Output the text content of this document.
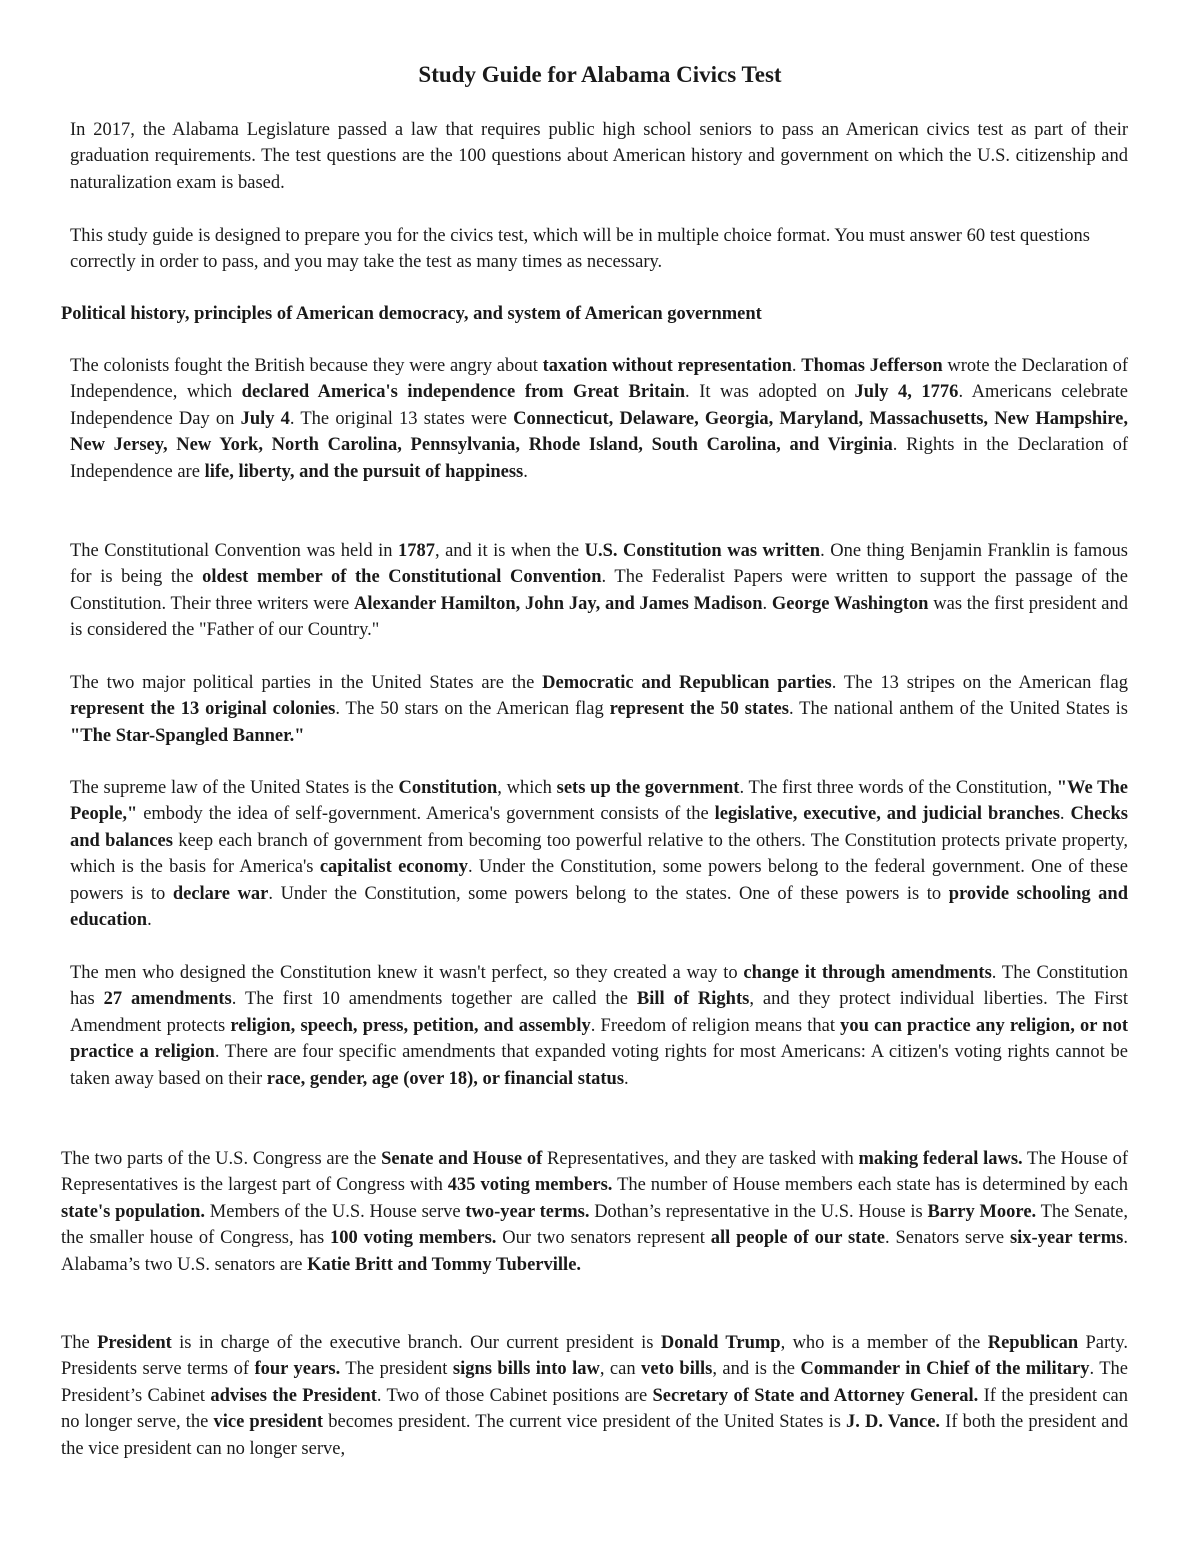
Study Guide for Alabama Civics Test

In 2017, the Alabama Legislature passed a law that requires public high school seniors to pass an American civics test as part of their graduation requirements. The test questions are the 100 questions about American history and government on which the U.S. citizenship and naturalization exam is based.

This study guide is designed to prepare you for the civics test, which will be in multiple choice format. You must answer 60 test questions correctly in order to pass, and you may take the test as many times as necessary.

Political history, principles of American democracy, and system of American government

The colonists fought the British because they were angry about taxation without representation. Thomas Jefferson wrote the Declaration of Independence, which declared America's independence from Great Britain. It was adopted on July 4, 1776. Americans celebrate Independence Day on July 4. The original 13 states were Connecticut, Delaware, Georgia, Maryland, Massachusetts, New Hampshire, New Jersey, New York, North Carolina, Pennsylvania, Rhode Island, South Carolina, and Virginia. Rights in the Declaration of Independence are life, liberty, and the pursuit of happiness.

The Constitutional Convention was held in 1787, and it is when the U.S. Constitution was written. One thing Benjamin Franklin is famous for is being the oldest member of the Constitutional Convention. The Federalist Papers were written to support the passage of the Constitution. Their three writers were Alexander Hamilton, John Jay, and James Madison. George Washington was the first president and is considered the "Father of our Country."

The two major political parties in the United States are the Democratic and Republican parties. The 13 stripes on the American flag represent the 13 original colonies. The 50 stars on the American flag represent the 50 states. The national anthem of the United States is "The Star-Spangled Banner."

The supreme law of the United States is the Constitution, which sets up the government. The first three words of the Constitution, "We The People," embody the idea of self-government. America's government consists of the legislative, executive, and judicial branches. Checks and balances keep each branch of government from becoming too powerful relative to the others. The Constitution protects private property, which is the basis for America's capitalist economy. Under the Constitution, some powers belong to the federal government. One of these powers is to declare war. Under the Constitution, some powers belong to the states. One of these powers is to provide schooling and education.

The men who designed the Constitution knew it wasn't perfect, so they created a way to change it through amendments. The Constitution has 27 amendments. The first 10 amendments together are called the Bill of Rights, and they protect individual liberties. The First Amendment protects religion, speech, press, petition, and assembly. Freedom of religion means that you can practice any religion, or not practice a religion. There are four specific amendments that expanded voting rights for most Americans: A citizen's voting rights cannot be taken away based on their race, gender, age (over 18), or financial status.

The two parts of the U.S. Congress are the Senate and House of Representatives, and they are tasked with making federal laws. The House of Representatives is the largest part of Congress with 435 voting members. The number of House members each state has is determined by each state's population. Members of the U.S. House serve two-year terms. Dothan’s representative in the U.S. House is Barry Moore. The Senate, the smaller house of Congress, has 100 voting members. Our two senators represent all people of our state. Senators serve six-year terms. Alabama’s two U.S. senators are Katie Britt and Tommy Tuberville.

The President is in charge of the executive branch. Our current president is Donald Trump, who is a member of the Republican Party. Presidents serve terms of four years. The president signs bills into law, can veto bills, and is the Commander in Chief of the military. The President’s Cabinet advises the President. Two of those Cabinet positions are Secretary of State and Attorney General. If the president can no longer serve, the vice president becomes president. The current vice president of the United States is J. D. Vance. If both the president and the vice president can no longer serve,
